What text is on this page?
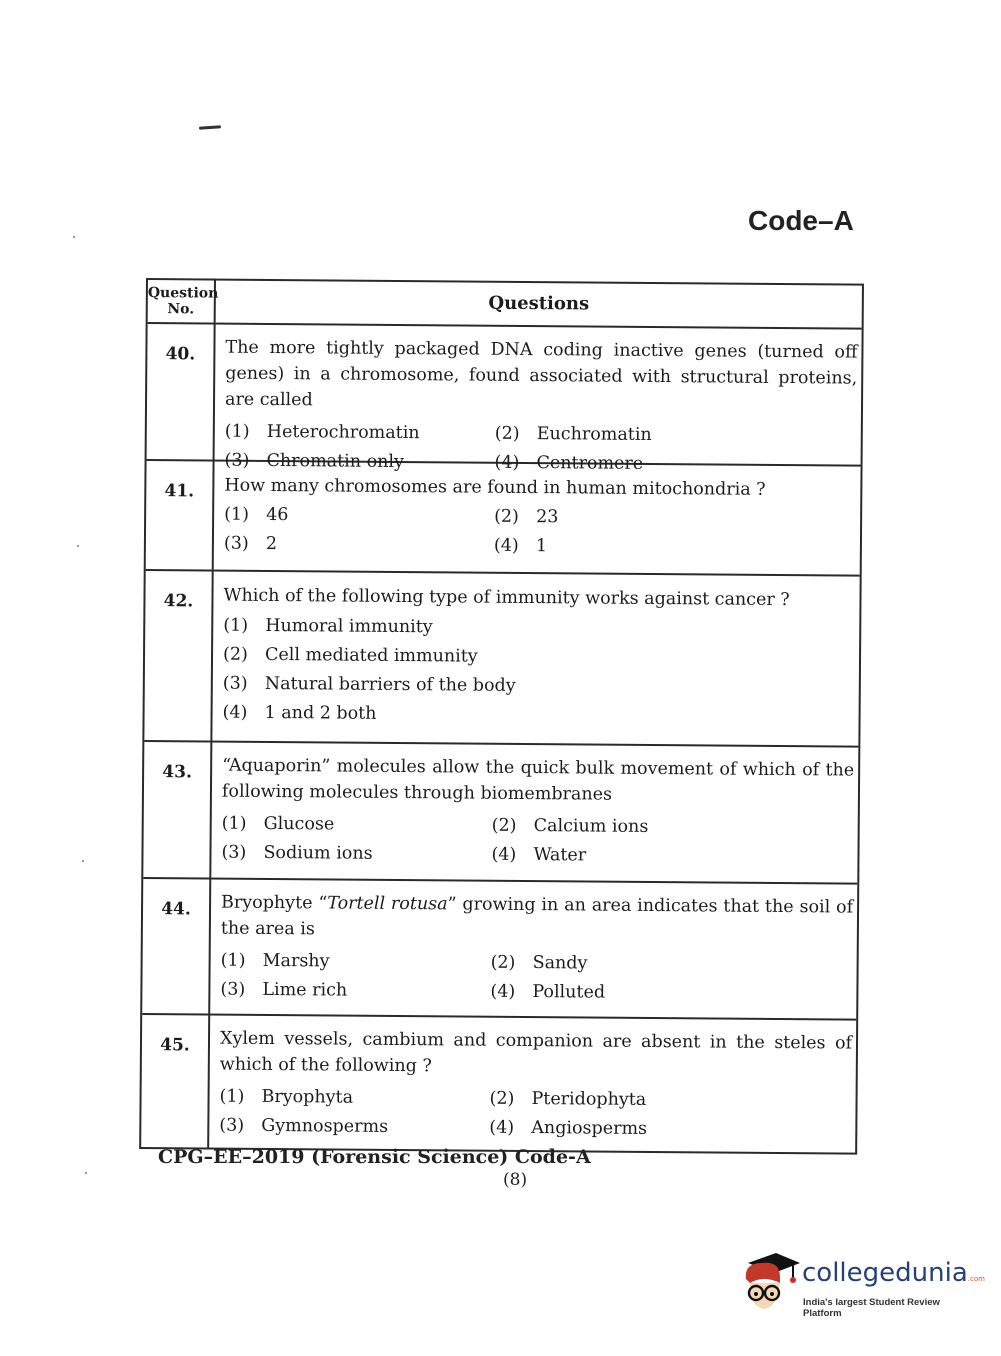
Code–A
Question No.	Questions
40.	The more tightly packaged DNA coding inactive genes (turned off genes) in a chromosome, found associated with structural proteins, are called
(1) Heterochromatin	(2) Euchromatin
(3) Chromatin only	(4) Centromere
41.	How many chromosomes are found in human mitochondria ?
(1) 46	(2) 23
(3) 2	(4) 1
42.	Which of the following type of immunity works against cancer ?
(1) Humoral immunity
(2) Cell mediated immunity
(3) Natural barriers of the body
(4) 1 and 2 both
43.	“Aquaporin” molecules allow the quick bulk movement of which of the following molecules through biomembranes
(1) Glucose	(2) Calcium ions
(3) Sodium ions	(4) Water
44.	Bryophyte “Tortell rotusa” growing in an area indicates that the soil of the area is
(1) Marshy	(2) Sandy
(3) Lime rich	(4) Polluted
45.	Xylem vessels, cambium and companion are absent in the steles of which of the following ?
(1) Bryophyta	(2) Pteridophyta
(3) Gymnosperms	(4) Angiosperms
CPG–EE–2019 (Forensic Science) Code-A
(8)
collegedunia.com
India's largest Student Review Platform
